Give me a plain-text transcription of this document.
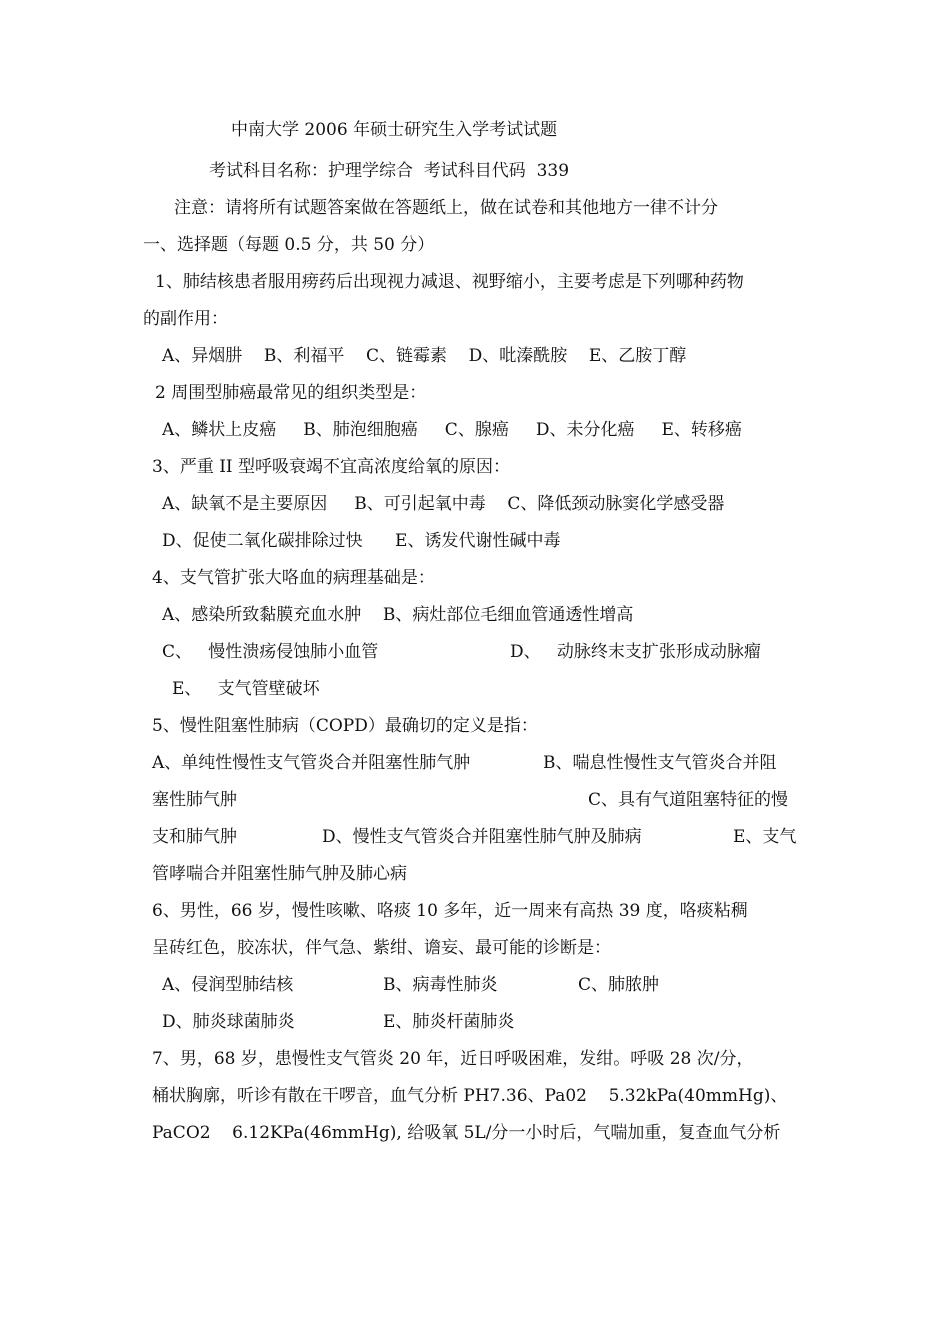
中南大学 2006 年硕士研究生入学考试试题
考试科目名称：护理学综合  考试科目代码  339
注意：请将所有试题答案做在答题纸上，做在试卷和其他地方一律不计分
一、选择题（每题 0.5 分，共 50 分）
1、肺结核患者服用痨药后出现视力减退、视野缩小，主要考虑是下列哪种药物
的副作用：
A、异烟肼    B、利福平    C、链霉素    D、吡溱酰胺    E、乙胺丁醇
2 周围型肺癌最常见的组织类型是：
A、鳞状上皮癌     B、肺泡细胞癌     C、腺癌     D、未分化癌     E、转移癌
3、严重 II 型呼吸衰竭不宜高浓度给氧的原因：
A、缺氧不是主要原因     B、可引起氧中毒    C、降低颈动脉窦化学感受器
D、促使二氧化碳排除过快      E、诱发代谢性碱中毒
4、支气管扩张大咯血的病理基础是：
A、感染所致黏膜充血水肿    B、病灶部位毛细血管通透性增高
C、   慢性溃疡侵蚀肺小血管	D、   动脉终末支扩张形成动脉瘤
E、   支气管壁破坏
5、慢性阻塞性肺病（COPD）最确切的定义是指：
A、单纯性慢性支气管炎合并阻塞性肺气肿	B、喘息性慢性支气管炎合并阻
塞性肺气肿	C、具有气道阻塞特征的慢
支和肺气肿	D、慢性支气管炎合并阻塞性肺气肿及肺病	E、支气
管哮喘合并阻塞性肺气肿及肺心病
6、男性，66 岁，慢性咳嗽、咯痰 10 多年，近一周来有高热 39 度，咯痰粘稠
呈砖红色，胶冻状，伴气急、紫绀、谵妄、最可能的诊断是：
A、侵润型肺结核	B、病毒性肺炎	C、肺脓肿
D、肺炎球菌肺炎	E、肺炎杆菌肺炎
7、男，68 岁，患慢性支气管炎 20 年，近日呼吸困难，发绀。呼吸 28 次/分，
桶状胸廓，听诊有散在干啰音，血气分析 PH7.36、Pa02    5.32kPa(40mmHg)、
PaCO2    6.12KPa(46mmHg), 给吸氧 5L/分一小时后，气喘加重，复查血气分析
